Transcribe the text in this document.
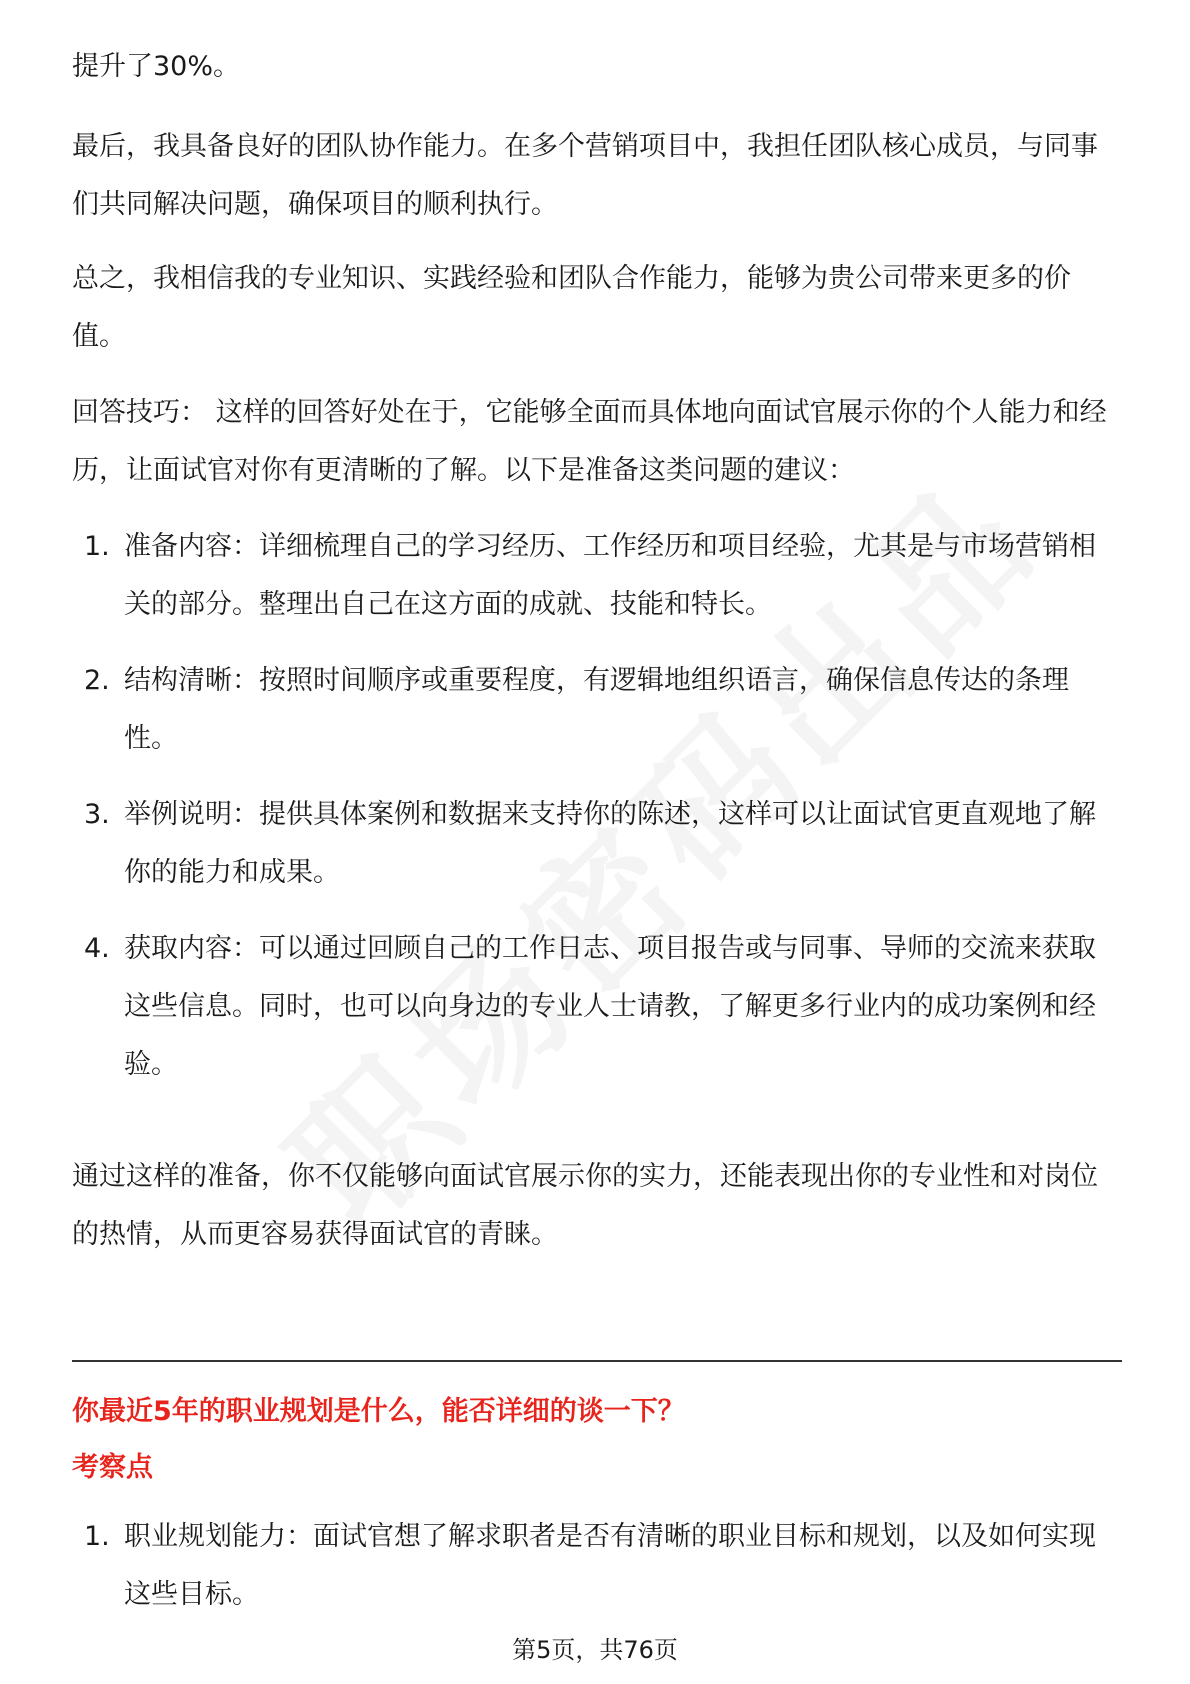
提升了30%。

最后，我具备良好的团队协作能力。在多个营销项目中，我担任团队核心成员，与同事们共同解决问题，确保项目的顺利执行。

总之，我相信我的专业知识、实践经验和团队合作能力，能够为贵公司带来更多的价值。

回答技巧： 这样的回答好处在于，它能够全面而具体地向面试官展示你的个人能力和经历，让面试官对你有更清晰的了解。以下是准备这类问题的建议：

1. 准备内容：详细梳理自己的学习经历、工作经历和项目经验，尤其是与市场营销相关的部分。整理出自己在这方面的成就、技能和特长。
2. 结构清晰：按照时间顺序或重要程度，有逻辑地组织语言，确保信息传达的条理性。
3. 举例说明：提供具体案例和数据来支持你的陈述，这样可以让面试官更直观地了解你的能力和成果。
4. 获取内容：可以通过回顾自己的工作日志、项目报告或与同事、导师的交流来获取这些信息。同时，也可以向身边的专业人士请教，了解更多行业内的成功案例和经验。

通过这样的准备，你不仅能够向面试官展示你的实力，还能表现出你的专业性和对岗位的热情，从而更容易获得面试官的青睐。

你最近5年的职业规划是什么，能否详细的谈一下？

考察点

1. 职业规划能力：面试官想了解求职者是否有清晰的职业目标和规划，以及如何实现这些目标。
第5页，共76页
